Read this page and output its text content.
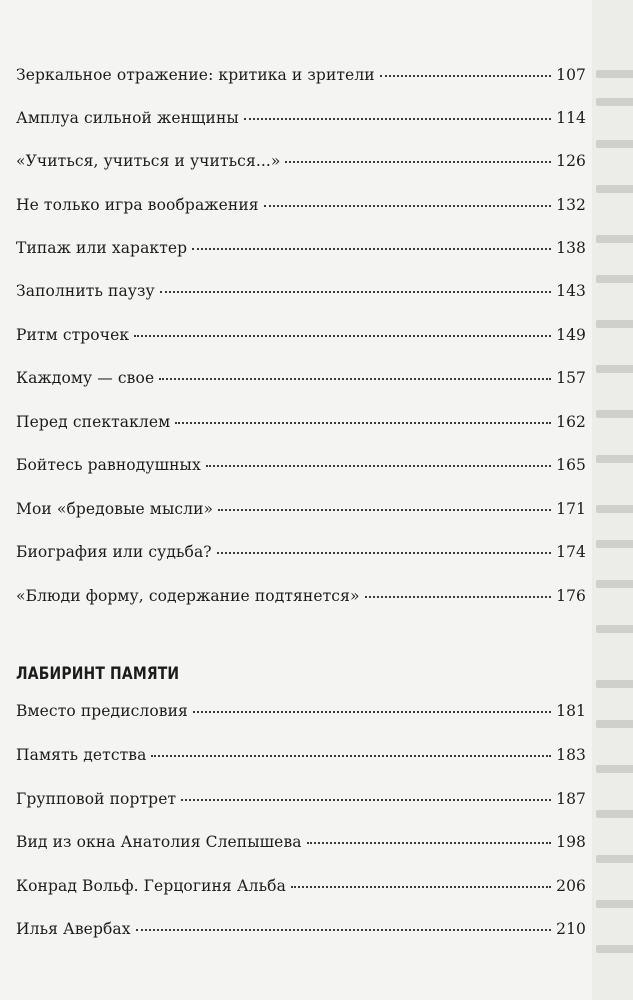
Зеркальное отражение: критика и зрители	107
Амплуа сильной женщины	114
«Учиться, учиться и учиться...»	126
Не только игра воображения	132
Типаж или характер	138
Заполнить паузу	143
Ритм строчек	149
Каждому — свое	157
Перед спектаклем	162
Бойтесь равнодушных	165
Мои «бредовые мысли»	171
Биография или судьба?	174
«Блюди форму, содержание подтянется»	176
ЛАБИРИНТ ПАМЯТИ
Вместо предисловия	181
Память детства	183
Групповой портрет	187
Вид из окна Анатолия Слепышева	198
Конрад Вольф. Герцогиня Альба	206
Илья Авербах	210
